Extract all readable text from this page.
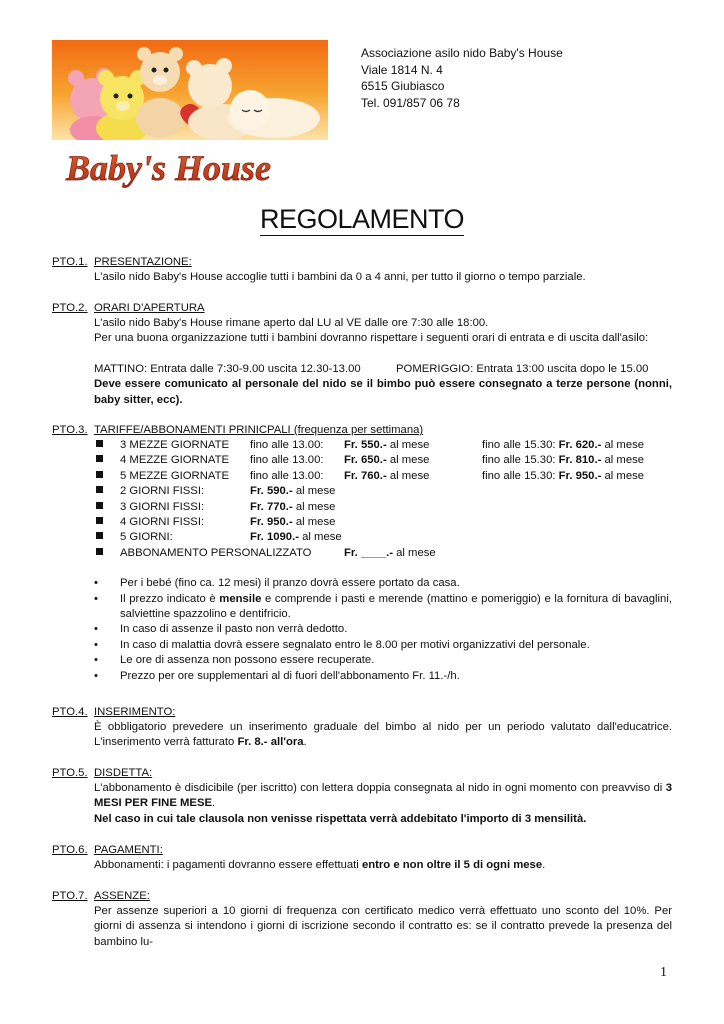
Baby's House
Associazione asilo nido Baby's House
Viale 1814 N. 4
6515 Giubiasco
Tel. 091/857 06 78
REGOLAMENTO
PTO.1. PRESENTAZIONE:
L'asilo nido Baby's House accoglie tutti i bambini da 0 a 4 anni, per tutto il giorno o tempo parziale.
PTO.2. ORARI D'APERTURA
L'asilo nido Baby's House rimane aperto dal LU al VE dalle ore 7:30 alle 18:00.
Per una buona organizzazione tutti i bambini dovranno rispettare i seguenti orari di entrata e di uscita dall'asilo:
MATTINO: Entrata dalle 7:30-9.00 uscita 12.30-13.00	POMERIGGIO: Entrata 13:00 uscita dopo le 15.00
Deve essere comunicato al personale del nido se il bimbo può essere consegnato a terze persone (nonni, baby sitter, ecc).
PTO.3. TARIFFE/ABBONAMENTI PRINICPALI (frequenza per settimana)
3 MEZZE GIORNATE	fino alle 13.00:	Fr. 550.- al mese	fino alle 15.30: Fr. 620.- al mese
4 MEZZE GIORNATE	fino alle 13.00:	Fr. 650.- al mese	fino alle 15.30: Fr. 810.- al mese
5 MEZZE GIORNATE	fino alle 13.00:	Fr. 760.- al mese	fino alle 15.30: Fr. 950.- al mese
2 GIORNI FISSI:	Fr. 590.- al mese
3 GIORNI FISSI:	Fr. 770.- al mese
4 GIORNI FISSI:	Fr. 950.- al mese
5 GIORNI:	Fr. 1090.- al mese
ABBONAMENTO PERSONALIZZATO	Fr. ____.- al mese
•	Per i bebé (fino ca. 12 mesi) il pranzo dovrà essere portato da casa.
•	Il prezzo indicato è mensile e comprende i pasti e merende (mattino e pomeriggio) e la fornitura di bavaglini, salviettine spazzolino e dentifricio.
•	In caso di assenze il pasto non verrà dedotto.
•	In caso di malattia dovrà essere segnalato entro le 8.00 per motivi organizzativi del personale.
•	Le ore di assenza non possono essere recuperate.
•	Prezzo per ore supplementari al di fuori dell'abbonamento Fr. 11.-/h.
PTO.4. INSERIMENTO:
È obbligatorio prevedere un inserimento graduale del bimbo al nido per un periodo valutato dall'educatrice. L'inserimento verrà fatturato Fr. 8.- all'ora.
PTO.5. DISDETTA:
L'abbonamento è disdicibile (per iscritto) con lettera doppia consegnata al nido in ogni momento con preavviso di 3 MESI PER FINE MESE.
Nel caso in cui tale clausola non venisse rispettata verrà addebitato l'importo di 3 mensilità.
PTO.6. PAGAMENTI:
Abbonamenti: i pagamenti dovranno essere effettuati entro e non oltre il 5 di ogni mese.
PTO.7. ASSENZE:
Per assenze superiori a 10 giorni di frequenza con certificato medico verrà effettuato uno sconto del 10%. Per giorni di assenza si intendono i giorni di iscrizione secondo il contratto es: se il contratto prevede la presenza del bambino lu-
1
